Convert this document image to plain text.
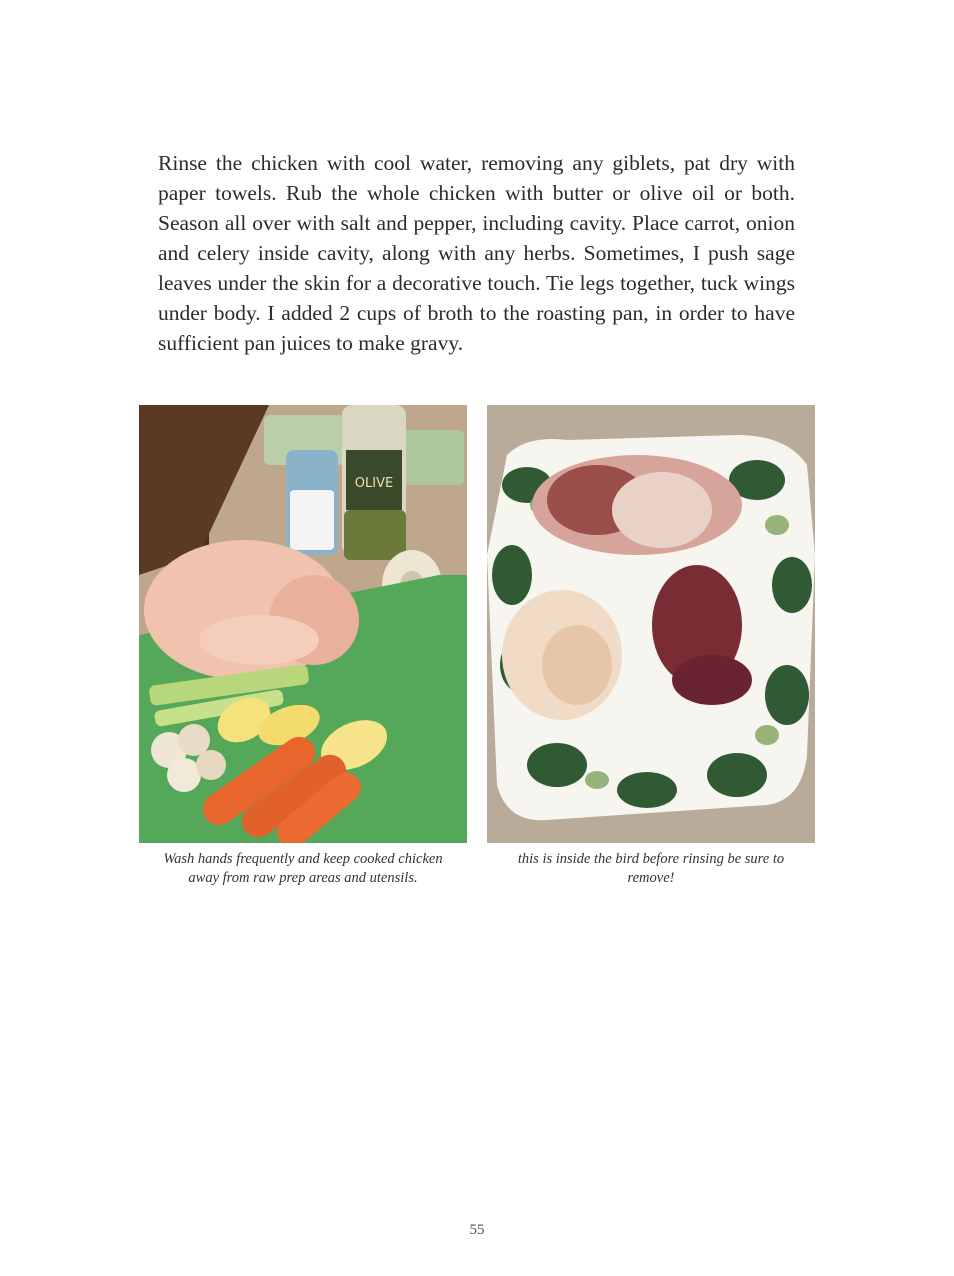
Rinse the chicken with cool water, removing any giblets, pat dry with paper towels. Rub the whole chicken with butter or olive oil or both. Season all over with salt and pepper, including cavity. Place carrot, onion and celery inside cavity, along with any herbs. Sometimes, I push sage leaves under the skin for a decorative touch. Tie legs together, tuck wings under body. I added 2 cups of broth to the roasting pan, in order to have sufficient pan juices to make gravy.

OLIVE
Wash hands frequently and keep cooked chicken away from raw prep areas and utensils.
this is inside the bird before rinsing be sure to remove!
55
